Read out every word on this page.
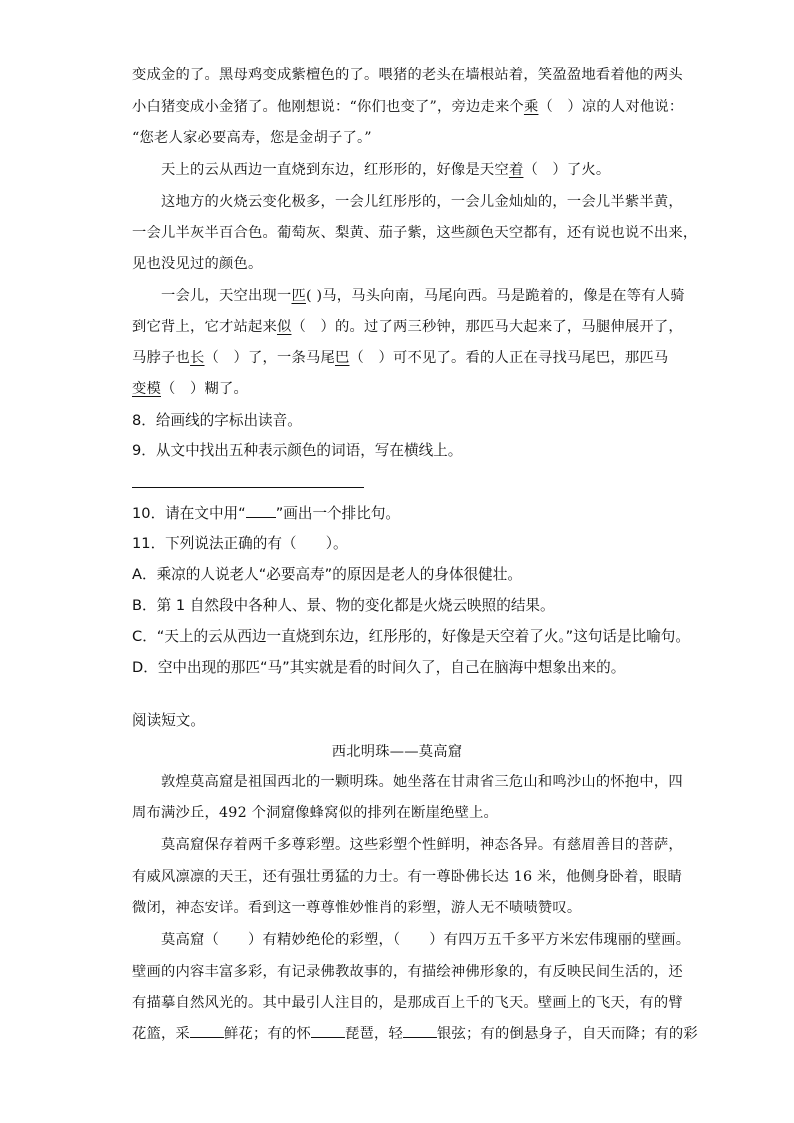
变成金的了。黑母鸡变成紫檀色的了。喂猪的老头在墙根站着，笑盈盈地看着他的两头
小白猪变成小金猪了。他刚想说：“你们也变了”，旁边走来个乘（　）凉的人对他说：
“您老人家必要高寿，您是金胡子了。”
天上的云从西边一直烧到东边，红形形的，好像是天空着（　）了火。
这地方的火烧云变化极多，一会儿红彤彤的，一会儿金灿灿的，一会儿半紫半黄，
一会儿半灰半百合色。葡萄灰、梨黄、茄子紫，这些颜色天空都有，还有说也说不出来，
见也没见过的颜色。
一会儿，天空出现一匹( )马，马头向南，马尾向西。马是跪着的，像是在等有人骑
到它背上，它才站起来似（　）的。过了两三秒钟，那匹马大起来了，马腿伸展开了，
马脖子也长（　）了，一条马尾巴（　）可不见了。看的人正在寻找马尾巴，那匹马
变模（　）糊了。
8．给画线的字标出读音。
9．从文中找出五种表示颜色的词语，写在横线上。
10．请在文中用“ ”画出一个排比句。
11．下列说法正确的有（　　）。
A．乘凉的人说老人“必要高寿”的原因是老人的身体很健壮。
B．第 1 自然段中各种人、景、物的变化都是火烧云映照的结果。
C．“天上的云从西边一直烧到东边，红彤彤的，好像是天空着了火。”这句话是比喻句。
D．空中出现的那匹“马”其实就是看的时间久了，自己在脑海中想象出来的。
阅读短文。
西北明珠——莫高窟
敦煌莫高窟是祖国西北的一颗明珠。她坐落在甘肃省三危山和鸣沙山的怀抱中，四
周布满沙丘，492 个洞窟像蜂窝似的排列在断崖绝壁上。
莫高窟保存着两千多尊彩塑。这些彩塑个性鲜明，神态各异。有慈眉善目的菩萨，
有威风凛凛的天王，还有强壮勇猛的力士。有一尊卧佛长达 16 米，他侧身卧着，眼睛
微闭，神态安详。看到这一尊尊惟妙惟肖的彩塑，游人无不啧啧赞叹。
莫高窟（　　）有精妙绝伦的彩塑，（　　）有四万五千多平方米宏伟瑰丽的壁画。
壁画的内容丰富多彩，有记录佛教故事的，有描绘神佛形象的，有反映民间生活的，还
有描摹自然风光的。其中最引人注目的，是那成百上千的飞天。壁画上的飞天，有的臂
花篮，采 鲜花；有的怀 琵琶，轻 银弦；有的倒悬身子，自天而降；有的彩
